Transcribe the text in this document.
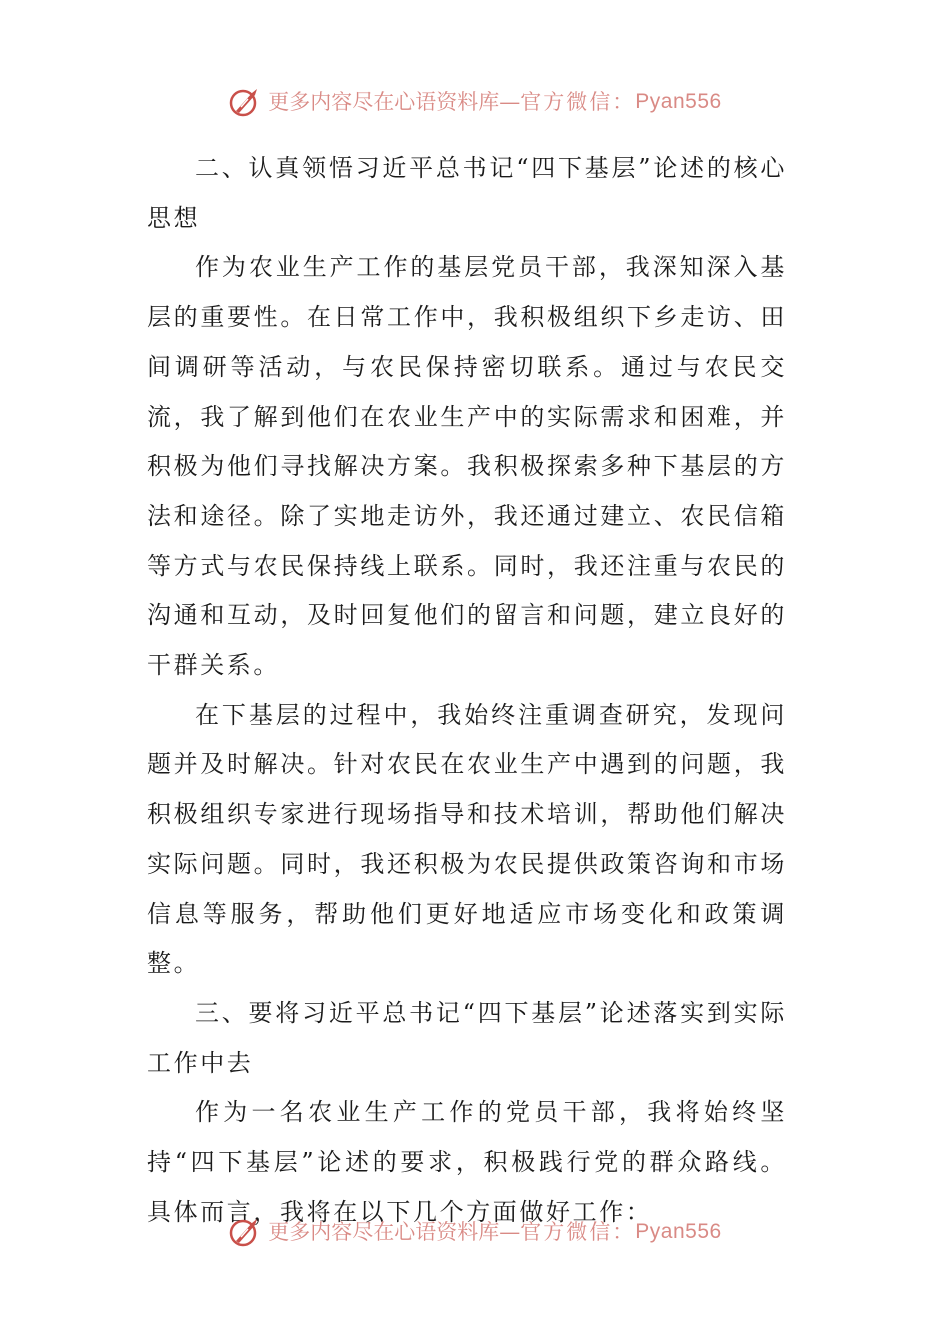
更多内容尽在心语资料库 — 官方微信： Pyan556

二、认真领悟习近平总书记“四下基层”论述的核心思想

作为农业生产工作的基层党员干部，我深知深入基层的重要性。在日常工作中，我积极组织下乡走访、田间调研等活动，与农民保持密切联系。通过与农民交流，我了解到他们在农业生产中的实际需求和困难，并积极为他们寻找解决方案。我积极探索多种下基层的方法和途径。除了实地走访外，我还通过建立、农民信箱等方式与农民保持线上联系。同时，我还注重与农民的沟通和互动，及时回复他们的留言和问题，建立良好的干群关系。

在下基层的过程中，我始终注重调查研究，发现问题并及时解决。针对农民在农业生产中遇到的问题，我积极组织专家进行现场指导和技术培训，帮助他们解决实际问题。同时，我还积极为农民提供政策咨询和市场信息等服务，帮助他们更好地适应市场变化和政策调整。

三、要将习近平总书记“四下基层”论述落实到实际工作中去

作为一名农业生产工作的党员干部，我将始终坚持“四下基层”论述的要求，积极践行党的群众路线。具体而言，我将在以下几个方面做好工作：

更多内容尽在心语资料库 — 官方微信： Pyan556
